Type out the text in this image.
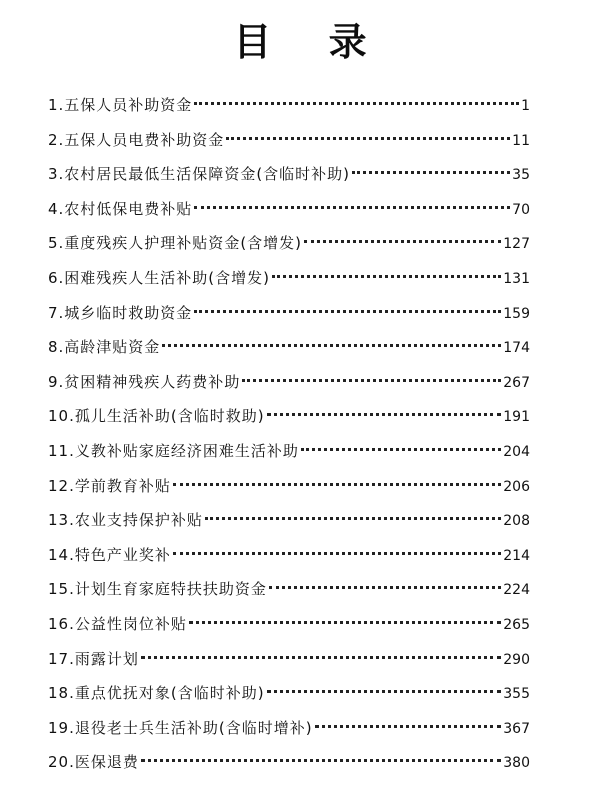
目 录
1.五保人员补助资金	1
2.五保人员电费补助资金	11
3.农村居民最低生活保障资金(含临时补助)	35
4.农村低保电费补贴	70
5.重度残疾人护理补贴资金(含增发)	127
6.困难残疾人生活补助(含增发)	131
7.城乡临时救助资金	159
8.高龄津贴资金	174
9.贫困精神残疾人药费补助	267
10.孤儿生活补助(含临时救助)	191
11.义教补贴家庭经济困难生活补助	204
12.学前教育补贴	206
13.农业支持保护补贴	208
14.特色产业奖补	214
15.计划生育家庭特扶扶助资金	224
16.公益性岗位补贴	265
17.雨露计划	290
18.重点优抚对象(含临时补助)	355
19.退役老士兵生活补助(含临时增补)	367
20.医保退费	380
